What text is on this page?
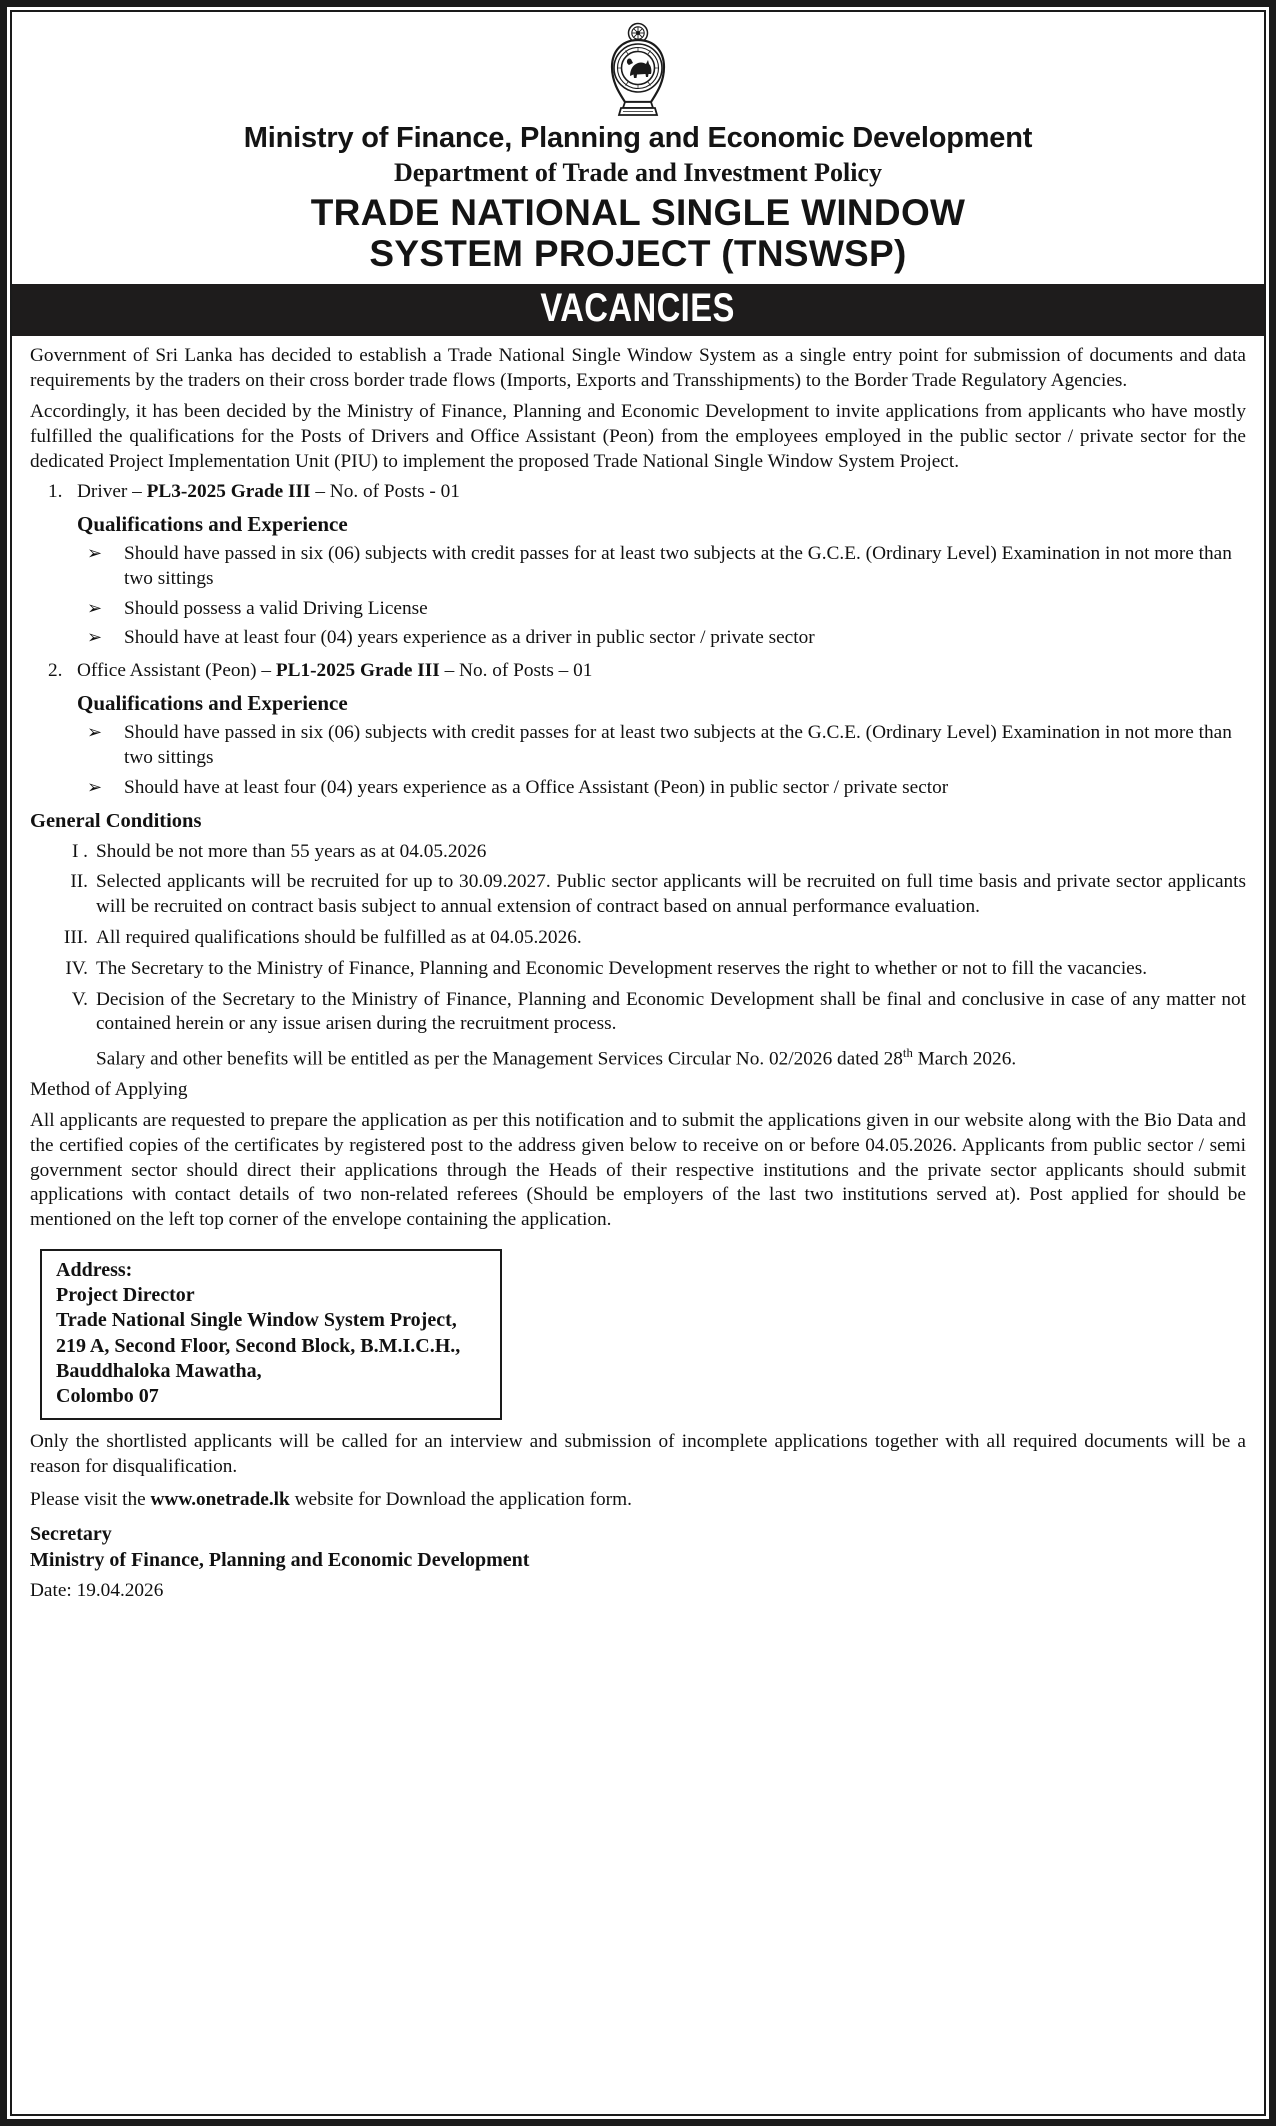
Ministry of Finance, Planning and Economic Development
Department of Trade and Investment Policy
TRADE NATIONAL SINGLE WINDOW
SYSTEM PROJECT (TNSWSP)
VACANCIES

Government of Sri Lanka has decided to establish a Trade National Single Window System as a single entry point for submission of documents and data requirements by the traders on their cross border trade flows (Imports, Exports and Transshipments) to the Border Trade Regulatory Agencies.

Accordingly, it has been decided by the Ministry of Finance, Planning and Economic Development to invite applications from applicants who have mostly fulfilled the qualifications for the Posts of Drivers and Office Assistant (Peon) from the employees employed in the public sector / private sector for the dedicated Project Implementation Unit (PIU) to implement the proposed Trade National Single Window System Project.

1. Driver – PL3-2025 Grade III – No. of Posts - 01
Qualifications and Experience
➢ Should have passed in six (06) subjects with credit passes for at least two subjects at the G.C.E. (Ordinary Level) Examination in not more than two sittings
➢ Should possess a valid Driving License
➢ Should have at least four (04) years experience as a driver in public sector / private sector
2. Office Assistant (Peon) – PL1-2025 Grade III – No. of Posts – 01
Qualifications and Experience
➢ Should have passed in six (06) subjects with credit passes for at least two subjects at the G.C.E. (Ordinary Level) Examination in not more than two sittings
➢ Should have at least four (04) years experience as a Office Assistant (Peon) in public sector / private sector
General Conditions
I . Should be not more than 55 years as at 04.05.2026
II. Selected applicants will be recruited for up to 30.09.2027. Public sector applicants will be recruited on full time basis and private sector applicants will be recruited on contract basis subject to annual extension of contract based on annual performance evaluation.
III. All required qualifications should be fulfilled as at 04.05.2026.
IV. The Secretary to the Ministry of Finance, Planning and Economic Development reserves the right to whether or not to fill the vacancies.
V. Decision of the Secretary to the Ministry of Finance, Planning and Economic Development shall be final and conclusive in case of any matter not contained herein or any issue arisen during the recruitment process.

Salary and other benefits will be entitled as per the Management Services Circular No. 02/2026 dated 28th March 2026.

Method of Applying

All applicants are requested to prepare the application as per this notification and to submit the applications given in our website along with the Bio Data and the certified copies of the certificates by registered post to the address given below to receive on or before 04.05.2026. Applicants from public sector / semi government sector should direct their applications through the Heads of their respective institutions and the private sector applicants should submit applications with contact details of two non-related referees (Should be employers of the last two institutions served at). Post applied for should be mentioned on the left top corner of the envelope containing the application.

Address:
Project Director
Trade National Single Window System Project,
219 A, Second Floor, Second Block, B.M.I.C.H.,
Bauddhaloka Mawatha,
Colombo 07

Only the shortlisted applicants will be called for an interview and submission of incomplete applications together with all required documents will be a reason for disqualification.

Please visit the www.onetrade.lk website for Download the application form.

Secretary
Ministry of Finance, Planning and Economic Development
Date: 19.04.2026
